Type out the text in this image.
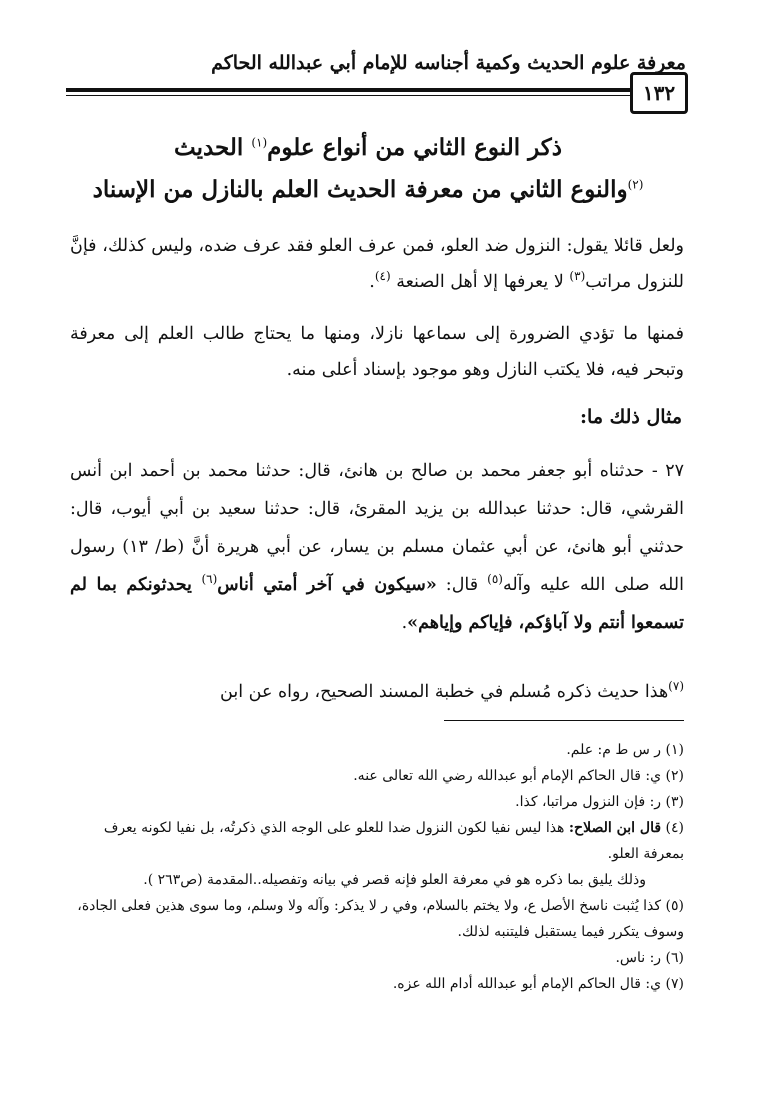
معرفة علوم الحديث وكمية أجناسه للإمام أبي عبدالله الحاكم
١٣٢
ذكر النوع الثاني من أنواع علوم$^{(١)}$ الحديث
$^{(٢)}$والنوع الثاني من معرفة الحديث العلم بالنازل من الإسناد
ولعل قائلا يقول: النزول ضد العلو، فمن عرف العلو فقد عرف ضده، وليس كذلك، فإنَّ للنزول مراتب$^{(٣)}$ لا يعرفها إلا أهل الصنعة $^{(٤)}$.
فمنها ما تؤدي الضرورة إلى سماعها نازلا، ومنها ما يحتاج طالب العلم إلى معرفة وتبحر فيه، فلا يكتب النازل وهو موجود بإسناد أعلى منه.
مثال ذلك ما:
٢٧ - حدثناه أبو جعفر محمد بن صالح بن هانئ، قال: حدثنا محمد بن أحمد ابن أنس القرشي، قال: حدثنا عبدالله بن يزيد المقرئ، قال: حدثنا سعيد بن أبي أيوب، قال: حدثني أبو هانئ، عن أبي عثمان مسلم بن يسار، عن أبي هريرة أنَّ (ط/ ١٣) رسول الله صلى الله عليه وآله$^{(٥)}$ قال: «سيكون في آخر أمتي أناس$^{(٦)}$ يحدثونكم بما لم تسمعوا أنتم ولا آباؤكم، فإياكم وإياهم».
$^{(٧)}$هذا حديث ذكره مُسلم في خطبة المسند الصحيح، رواه عن ابن

(١) ر س ط م: علم.

(٢) ي: قال الحاكم الإمام أبو عبدالله رضي الله تعالى عنه.

(٣) ر: فإن النزول مراتبا، كذا.

(٤) قال ابن الصلاح: هذا ليس نفيا لكون النزول ضدا للعلو على الوجه الذي ذكرتُه، بل نفيا لكونه يعرف بمعرفة العلو.
وذلك يليق بما ذكره هو في معرفة العلو فإنه قصر في بيانه وتفصيله..المقدمة (ص٢٦٣ ).

(٥) كذا يُثبت ناسخ الأصل ع، ولا يختم بالسلام، وفي ر لا يذكر: وآله ولا وسلم، وما سوى هذين فعلى الجادة، وسوف يتكرر فيما يستقبل فليتنبه لذلك.

(٦) ر: ناس.

(٧) ي: قال الحاكم الإمام أبو عبدالله أدام الله عزه.
